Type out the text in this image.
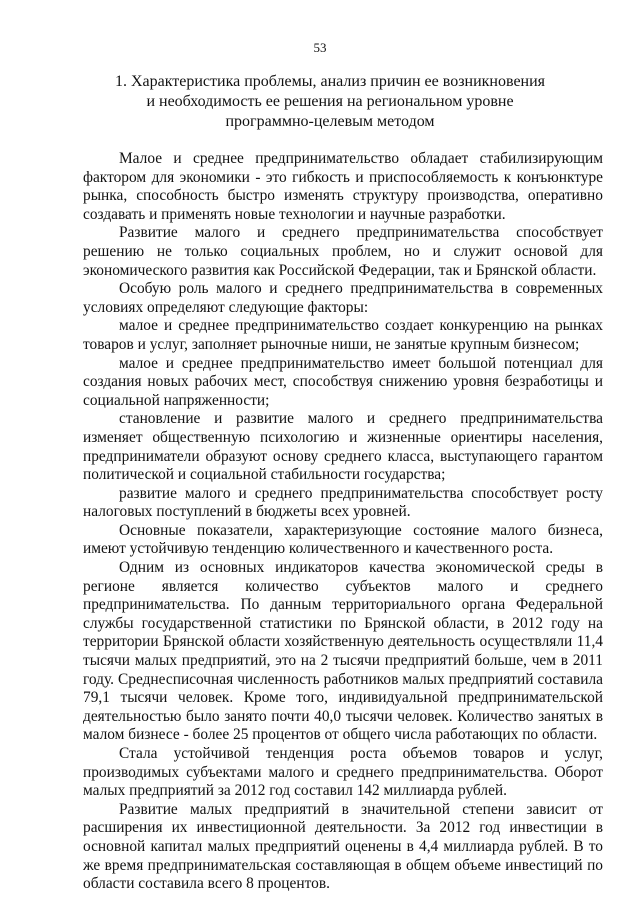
53
1. Характеристика проблемы, анализ причин ее возникновения
и необходимость ее решения на региональном уровне
программно-целевым методом

Малое и среднее предпринимательство обладает стабилизирующим фактором для экономики - это гибкость и приспособляемость к конъюнктуре рынка, способность быстро изменять структуру производства, оперативно создавать и применять новые технологии и научные разработки.

Развитие малого и среднего предпринимательства способствует решению не только социальных проблем, но и служит основой для экономического развития как Российской Федерации, так и Брянской области.

Особую роль малого и среднего предпринимательства в современных условиях определяют следующие факторы:

малое и среднее предпринимательство создает конкуренцию на рынках товаров и услуг, заполняет рыночные ниши, не занятые крупным бизнесом;

малое и среднее предпринимательство имеет большой потенциал для создания новых рабочих мест, способствуя снижению уровня безработицы и социальной напряженности;

становление и развитие малого и среднего предпринимательства изменяет общественную психологию и жизненные ориентиры населения, предприниматели образуют основу среднего класса, выступающего гарантом политической и социальной стабильности государства;

развитие малого и среднего предпринимательства способствует росту налоговых поступлений в бюджеты всех уровней.

Основные показатели, характеризующие состояние малого бизнеса, имеют устойчивую тенденцию количественного и качественного роста.

Одним из основных индикаторов качества экономической среды в регионе является количество субъектов малого и среднего предпринимательства. По данным территориального органа Федеральной службы государственной статистики по Брянской области, в 2012 году на территории Брянской области хозяйственную деятельность осуществляли 11,4 тысячи малых предприятий, это на 2 тысячи предприятий больше, чем в 2011 году. Среднесписочная численность работников малых предприятий составила 79,1 тысячи человек. Кроме того, индивидуальной предпринимательской деятельностью было занято почти 40,0 тысячи человек. Количество занятых в малом бизнесе - более 25 процентов от общего числа работающих по области.

Стала устойчивой тенденция роста объемов товаров и услуг, производимых субъектами малого и среднего предпринимательства. Оборот малых предприятий за 2012 год составил 142 миллиарда рублей.

Развитие малых предприятий в значительной степени зависит от расширения их инвестиционной деятельности. За 2012 год инвестиции в основной капитал малых предприятий оценены в 4,4 миллиарда рублей. В то же время предпринимательская составляющая в общем объеме инвестиций по области составила всего 8 процентов.
